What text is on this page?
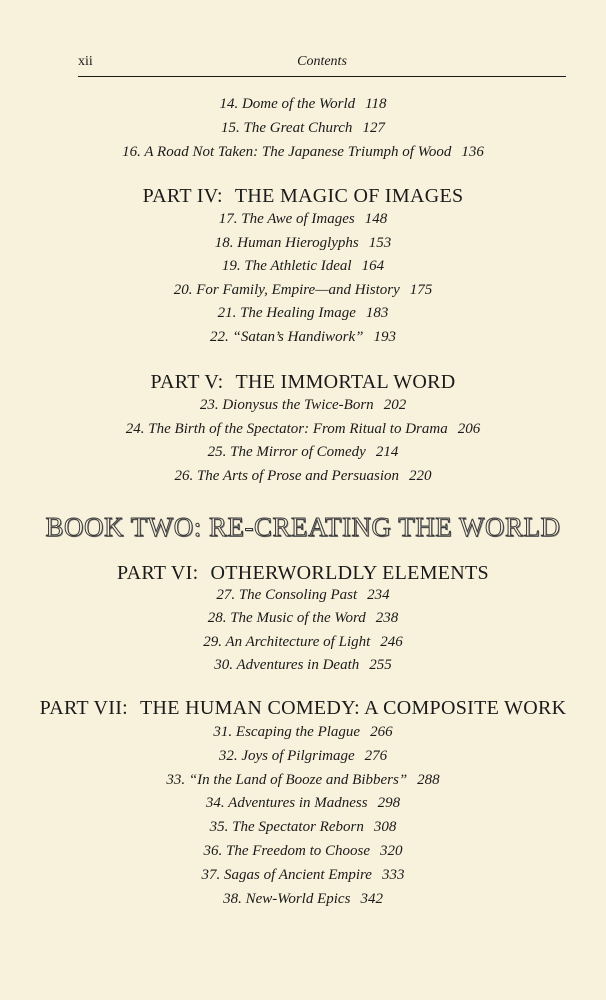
xii	Contents
14. Dome of the World 118
15. The Great Church 127
16. A Road Not Taken: The Japanese Triumph of Wood 136
PART IV: THE MAGIC OF IMAGES
17. The Awe of Images 148
18. Human Hieroglyphs 153
19. The Athletic Ideal 164
20. For Family, Empire—and History 175
21. The Healing Image 183
22. “Satan’s Handiwork” 193
PART V: THE IMMORTAL WORD
23. Dionysus the Twice-Born 202
24. The Birth of the Spectator: From Ritual to Drama 206
25. The Mirror of Comedy 214
26. The Arts of Prose and Persuasion 220
BOOK TWO: RE-CREATING THE WORLD
PART VI: OTHERWORLDLY ELEMENTS
27. The Consoling Past 234
28. The Music of the Word 238
29. An Architecture of Light 246
30. Adventures in Death 255
PART VII: THE HUMAN COMEDY: A COMPOSITE WORK
31. Escaping the Plague 266
32. Joys of Pilgrimage 276
33. “In the Land of Booze and Bibbers” 288
34. Adventures in Madness 298
35. The Spectator Reborn 308
36. The Freedom to Choose 320
37. Sagas of Ancient Empire 333
38. New-World Epics 342
